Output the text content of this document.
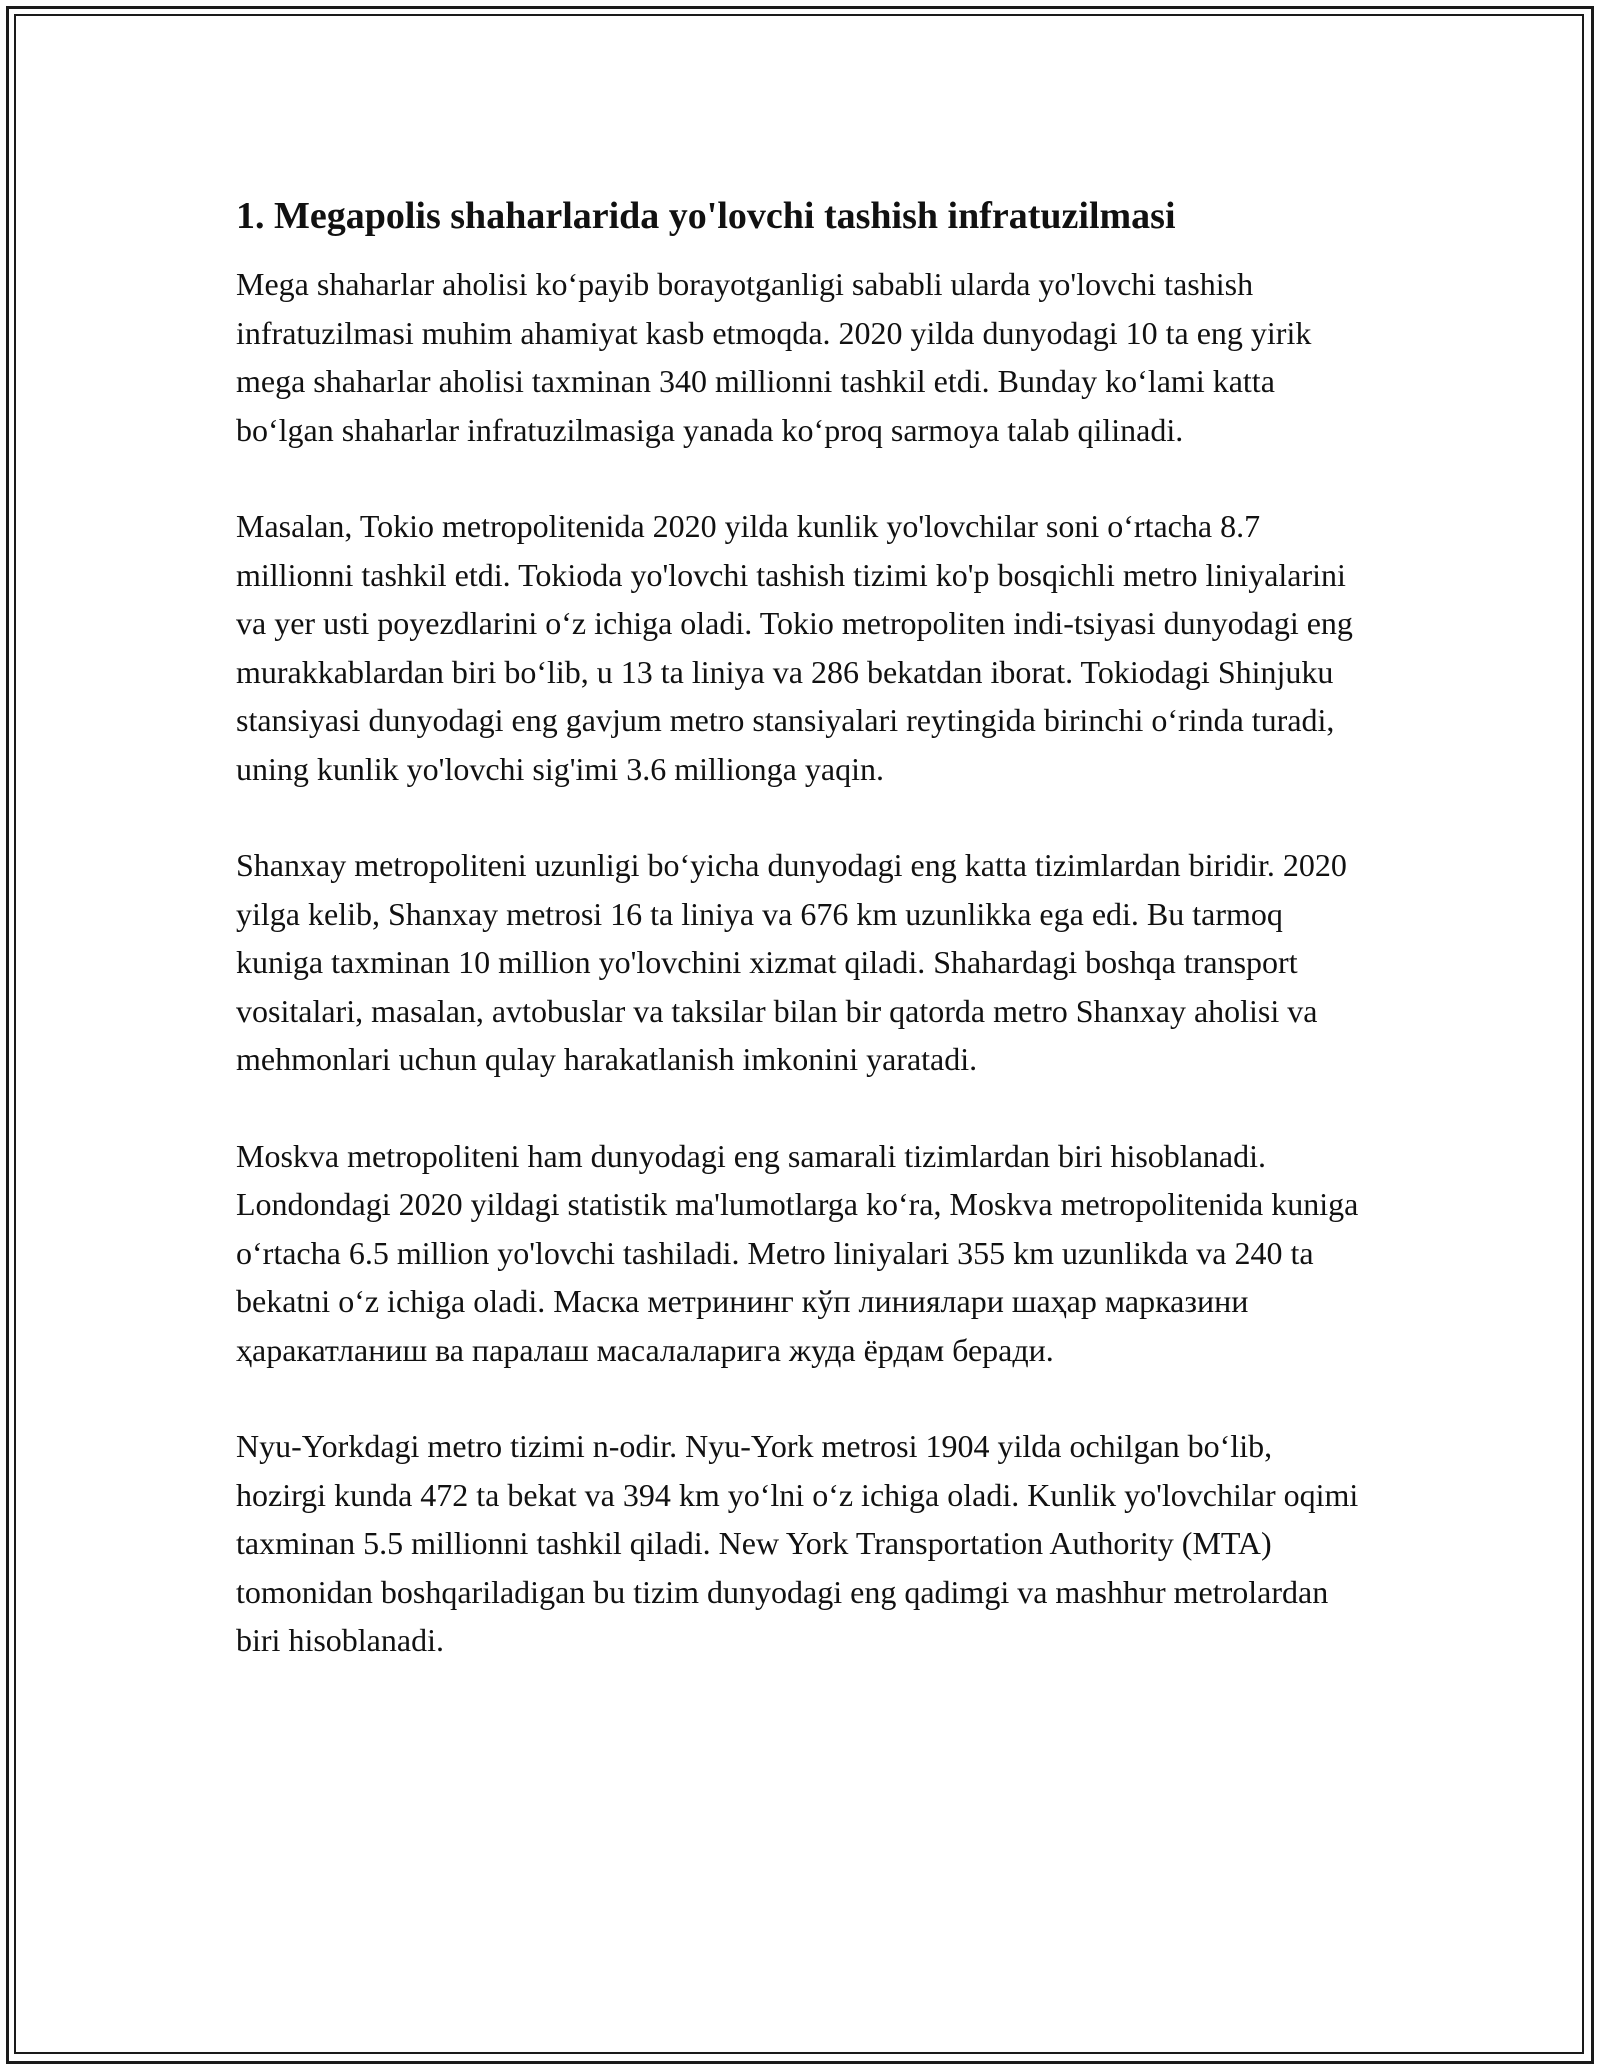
1. Megapolis shaharlarida yo'lovchi tashish infratuzilmasi

Mega shaharlar aholisi ko‘payib borayotganligi sababli ularda yo'lovchi tashish infratuzilmasi muhim ahamiyat kasb etmoqda. 2020 yilda dunyodagi 10 ta eng yirik mega shaharlar aholisi taxminan 340 millionni tashkil etdi. Bunday ko‘lami katta bo‘lgan shaharlar infratuzilmasiga yanada ko‘proq sarmoya talab qilinadi.

Masalan, Tokio metropolitenida 2020 yilda kunlik yo'lovchilar soni o‘rtacha 8.7 millionni tashkil etdi. Tokioda yo'lovchi tashish tizimi ko'p bosqichli metro liniyalarini va yer usti poyezdlarini o‘z ichiga oladi. Tokio metropoliten indi-tsiyasi dunyodagi eng murakkablardan biri bo‘lib, u 13 ta liniya va 286 bekatdan iborat. Tokiodagi Shinjuku stansiyasi dunyodagi eng gavjum metro stansiyalari reytingida birinchi o‘rinda turadi, uning kunlik yo'lovchi sig'imi 3.6 millionga yaqin.

Shanxay metropoliteni uzunligi bo‘yicha dunyodagi eng katta tizimlardan biridir. 2020 yilga kelib, Shanxay metrosi 16 ta liniya va 676 km uzunlikka ega edi. Bu tarmoq kuniga taxminan 10 million yo'lovchini xizmat qiladi. Shahardagi boshqa transport vositalari, masalan, avtobuslar va taksilar bilan bir qatorda metro Shanxay aholisi va mehmonlari uchun qulay harakatlanish imkonini yaratadi.

Moskva metropoliteni ham dunyodagi eng samarali tizimlardan biri hisoblanadi. Londondagi 2020 yildagi statistik ma'lumotlarga ko‘ra, Moskva metropolitenida kuniga o‘rtacha 6.5 million yo'lovchi tashiladi. Metro liniyalari 355 km uzunlikda va 240 ta bekatni o‘z ichiga oladi. Маска метрининг кўп линиялари шаҳар марказини ҳаракатланиш ва паралаш масалаларига жуда ёрдам беради.

Nyu-Yorkdagi metro tizimi n-odir. Nyu-York metrosi 1904 yilda ochilgan bo‘lib, hozirgi kunda 472 ta bekat va 394 km yo‘lni o‘z ichiga oladi. Kunlik yo'lovchilar oqimi taxminan 5.5 millionni tashkil qiladi. New York Transportation Authority (MTA) tomonidan boshqariladigan bu tizim dunyodagi eng qadimgi va mashhur metrolardan biri hisoblanadi.
